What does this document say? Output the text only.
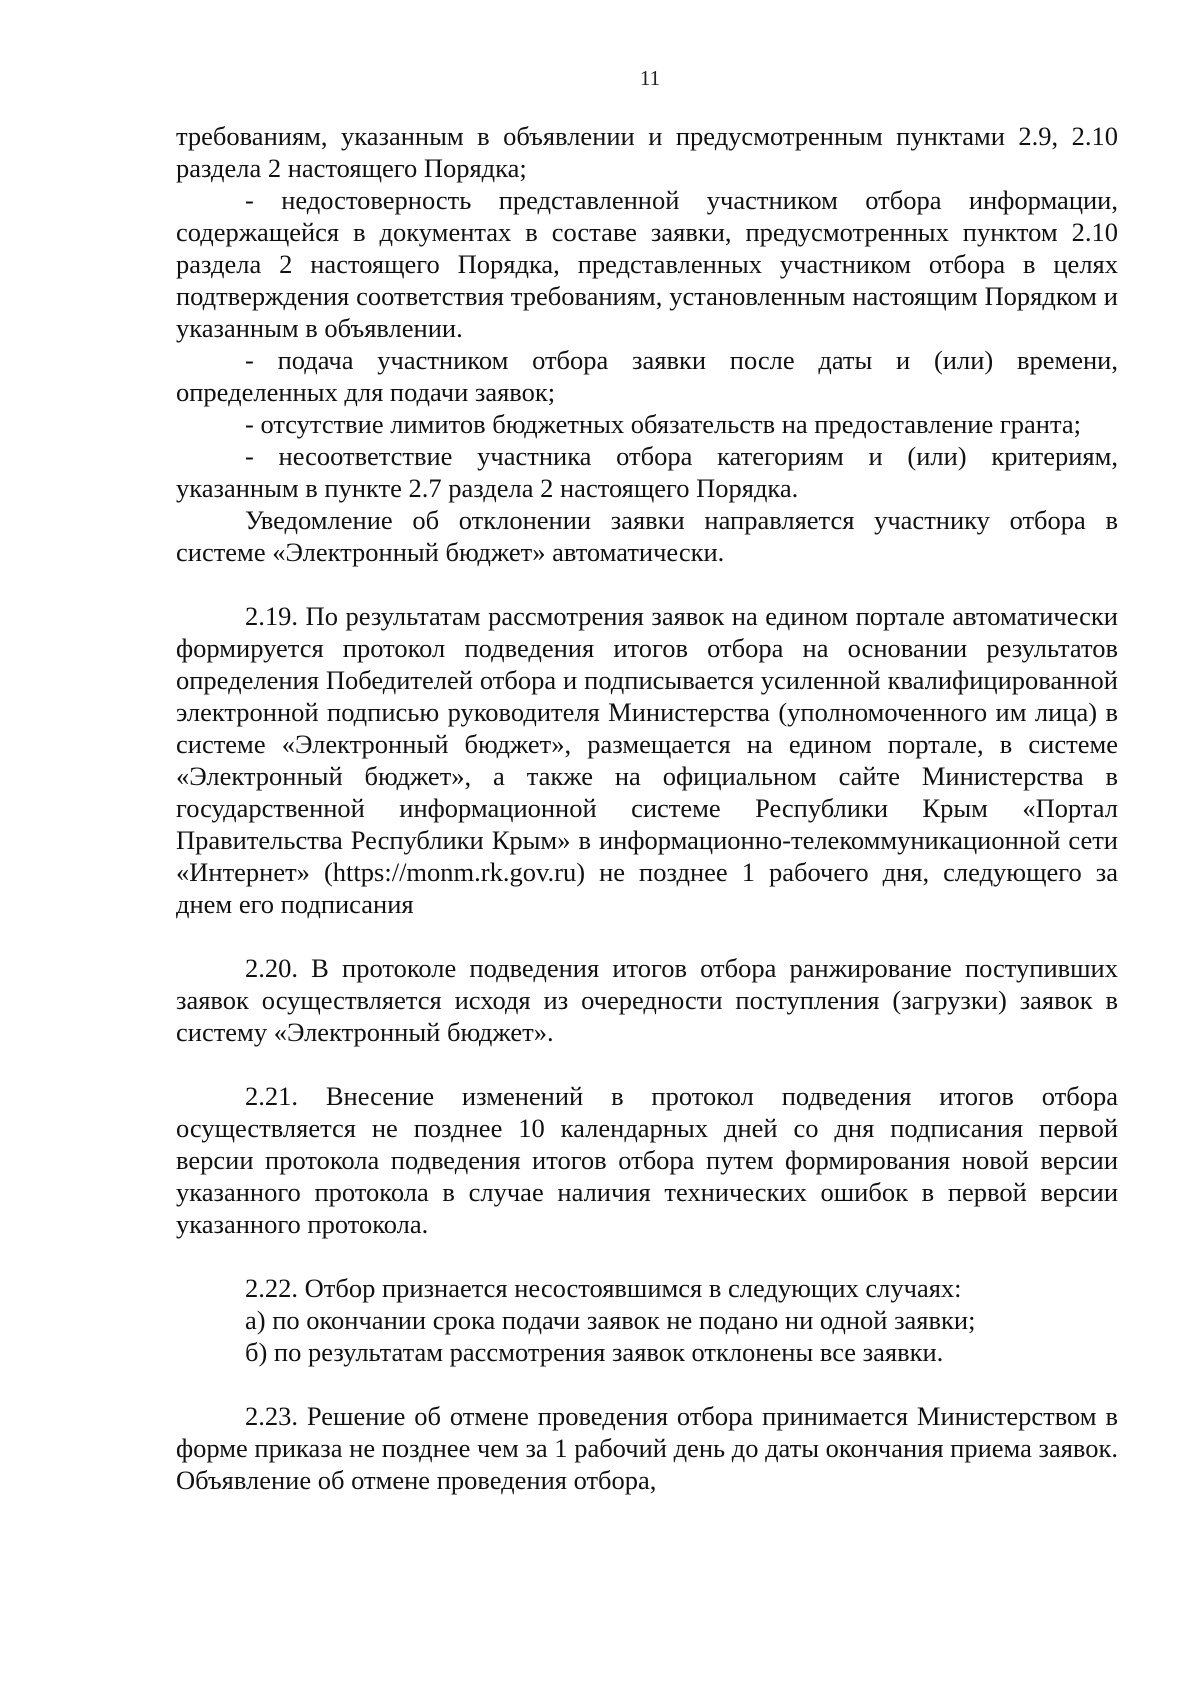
11

требованиям, указанным в объявлении и предусмотренным пунктами 2.9, 2.10 раздела 2 настоящего Порядка;

- недостоверность представленной участником отбора информации, содержащейся в документах в составе заявки, предусмотренных пунктом 2.10 раздела 2 настоящего Порядка, представленных участником отбора в целях подтверждения соответствия требованиям, установленным настоящим Порядком и указанным в объявлении.

- подача участником отбора заявки после даты и (или) времени, определенных для подачи заявок;

- отсутствие лимитов бюджетных обязательств на предоставление гранта;

- несоответствие участника отбора категориям и (или) критериям, указанным в пункте 2.7 раздела 2 настоящего Порядка.

Уведомление об отклонении заявки направляется участнику отбора в системе «Электронный бюджет» автоматически.

2.19. По результатам рассмотрения заявок на едином портале автоматически формируется протокол подведения итогов отбора на основании результатов определения Победителей отбора и подписывается усиленной квалифицированной электронной подписью руководителя Министерства (уполномоченного им лица) в системе «Электронный бюджет», размещается на едином портале, в системе «Электронный бюджет», а также на официальном сайте Министерства в государственной информационной системе Республики Крым «Портал Правительства Республики Крым» в информационно-телекоммуникационной сети «Интернет» (https://monm.rk.gov.ru) не позднее 1 рабочего дня, следующего за днем его подписания

2.20. В протоколе подведения итогов отбора ранжирование поступивших заявок осуществляется исходя из очередности поступления (загрузки) заявок в систему «Электронный бюджет».

2.21. Внесение изменений в протокол подведения итогов отбора осуществляется не позднее 10 календарных дней со дня подписания первой версии протокола подведения итогов отбора путем формирования новой версии указанного протокола в случае наличия технических ошибок в первой версии указанного протокола.

2.22. Отбор признается несостоявшимся в следующих случаях:

а) по окончании срока подачи заявок не подано ни одной заявки;

б) по результатам рассмотрения заявок отклонены все заявки.

2.23. Решение об отмене проведения отбора принимается Министерством в форме приказа не позднее чем за 1 рабочий день до даты окончания приема заявок. Объявление об отмене проведения отбора,
